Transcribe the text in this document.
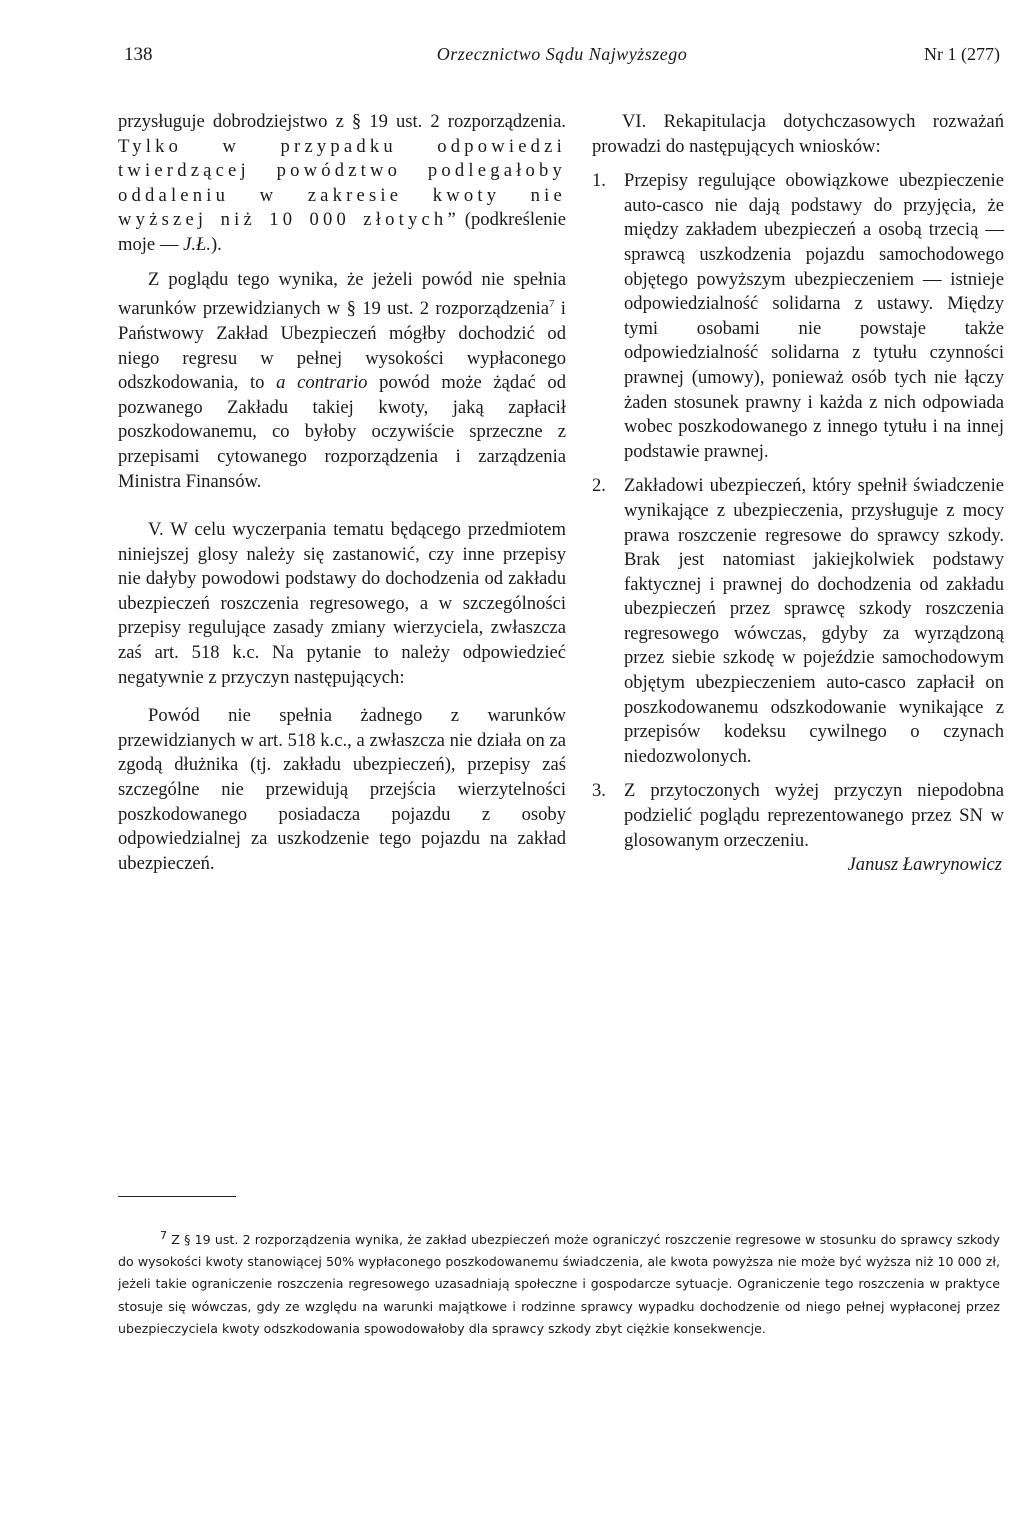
138	Orzecznictwo Sądu Najwyższego	Nr 1 (277)

przysługuje dobrodziejstwo z § 19 ust. 2 rozporządzenia. Tylko w przypadku odpowiedzi twierdzącej powództwo podlegałoby oddaleniu w zakresie kwoty nie wyższej niż 10 000 złotych” (podkreślenie moje — J.Ł.).

Z poglądu tego wynika, że jeżeli powód nie spełnia warunków przewidzianych w § 19 ust. 2 rozporządzenia$^7$ i Państwowy Zakład Ubezpieczeń mógłby dochodzić od niego regresu w pełnej wysokości wypłaconego odszkodowania, to a contrario powód może żądać od pozwanego Zakładu takiej kwoty, jaką zapłacił poszkodowanemu, co byłoby oczywiście sprzeczne z przepisami cytowanego rozporządzenia i zarządzenia Ministra Finansów.

V. W celu wyczerpania tematu będącego przedmiotem niniejszej glosy należy się zastanowić, czy inne przepisy nie dałyby powodowi podstawy do dochodzenia od zakładu ubezpieczeń roszczenia regresowego, a w szczególności przepisy regulujące zasady zmiany wierzyciela, zwłaszcza zaś art. 518 k.c. Na pytanie to należy odpowiedzieć negatywnie z przyczyn następujących:

Powód nie spełnia żadnego z warunków przewidzianych w art. 518 k.c., a zwłaszcza nie działa on za zgodą dłużnika (tj. zakładu ubezpieczeń), przepisy zaś szczególne nie przewidują przejścia wierzytelności poszkodowanego posiadacza pojazdu z osoby odpowiedzialnej za uszkodzenie tego pojazdu na zakład ubezpieczeń.

VI. Rekapitulacja dotychczasowych rozważań prowadzi do następujących wniosków:

1. Przepisy regulujące obowiązkowe ubezpieczenie auto-casco nie dają podstawy do przyjęcia, że między zakładem ubezpieczeń a osobą trzecią — sprawcą uszkodzenia pojazdu samochodowego objętego powyższym ubezpieczeniem — istnieje odpowiedzialność solidarna z ustawy. Między tymi osobami nie powstaje także odpowiedzialność solidarna z tytułu czynności prawnej (umowy), ponieważ osób tych nie łączy żaden stosunek prawny i każda z nich odpowiada wobec poszkodowanego z innego tytułu i na innej podstawie prawnej.
2. Zakładowi ubezpieczeń, który spełnił świadczenie wynikające z ubezpieczenia, przysługuje z mocy prawa roszczenie regresowe do sprawcy szkody. Brak jest natomiast jakiejkolwiek podstawy faktycznej i prawnej do dochodzenia od zakładu ubezpieczeń przez sprawcę szkody roszczenia regresowego wówczas, gdyby za wyrządzoną przez siebie szkodę w pojeździe samochodowym objętym ubezpieczeniem auto-casco zapłacił on poszkodowanemu odszkodowanie wynikające z przepisów kodeksu cywilnego o czynach niedozwolonych.
3. Z przytoczonych wyżej przyczyn niepodobna podzielić poglądu reprezentowanego przez SN w glosowanym orzeczeniu.

Janusz Ławrynowicz

$^7$ Z § 19 ust. 2 rozporządzenia wynika, że zakład ubezpieczeń może ograniczyć roszczenie regresowe w stosunku do sprawcy szkody do wysokości kwoty stanowiącej 50% wypłaconego poszkodowanemu świadczenia, ale kwota powyższa nie może być wyższa niż 10 000 zł, jeżeli takie ograniczenie roszczenia regresowego uzasadniają społeczne i gospodarcze sytuacje. Ograniczenie tego roszczenia w praktyce stosuje się wówczas, gdy ze względu na warunki majątkowe i rodzinne sprawcy wypadku dochodzenie od niego pełnej wypłaconej przez ubezpieczyciela kwoty odszkodowania spowodowałoby dla sprawcy szkody zbyt ciężkie konsekwencje.
